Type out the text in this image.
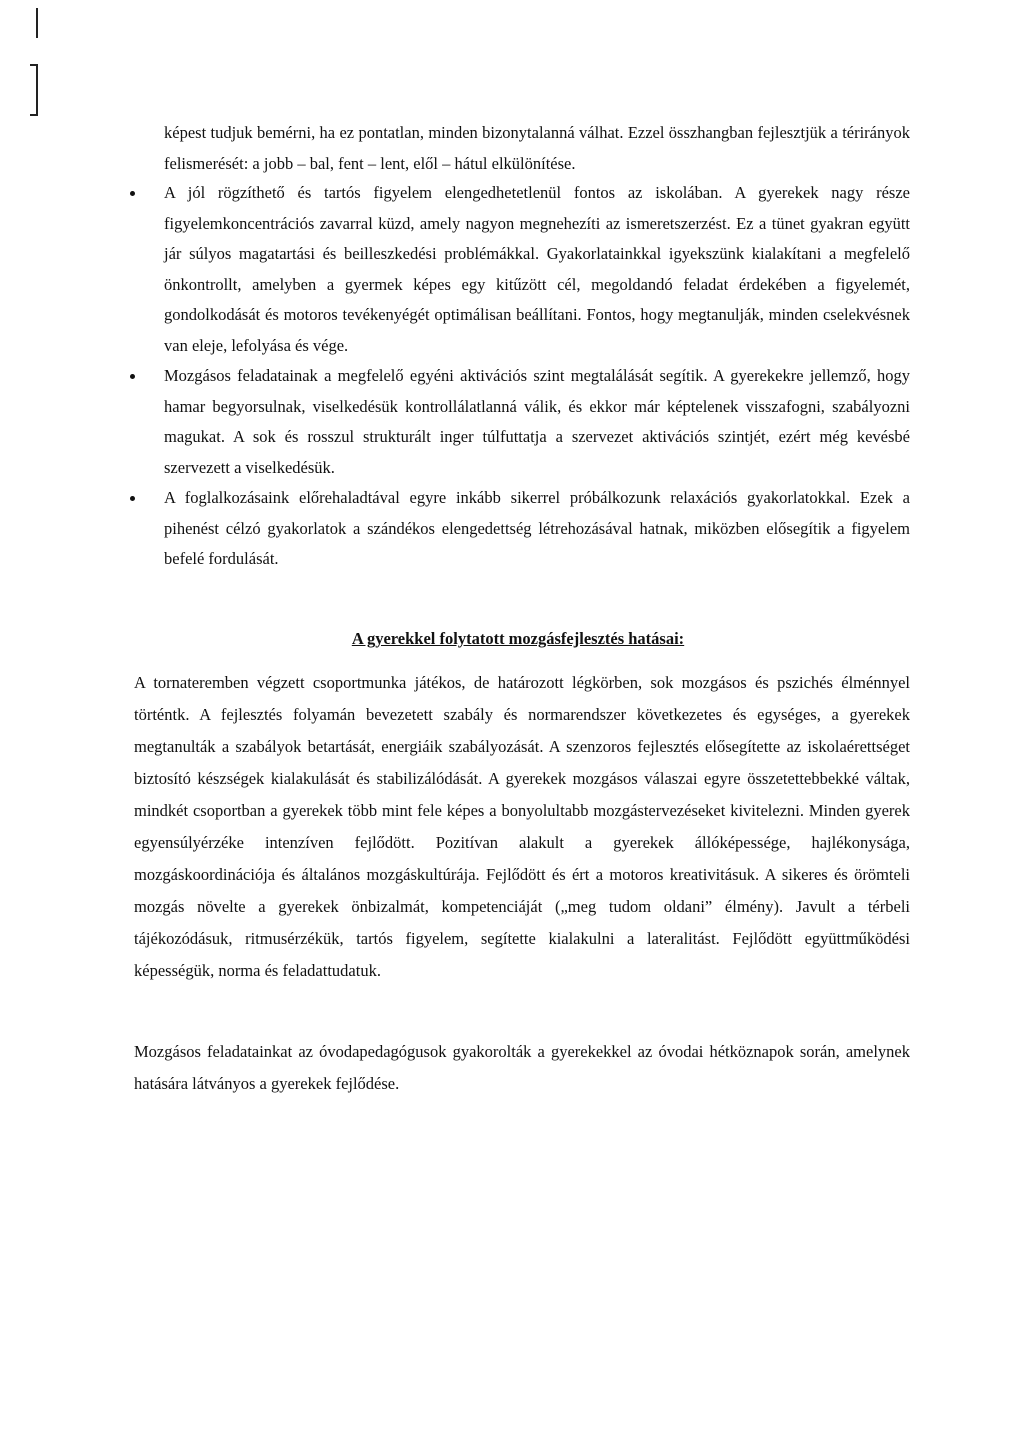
képest tudjuk bemérni, ha ez pontatlan, minden bizonytalanná válhat. Ezzel összhangban fejlesztjük a térirányok felismerését: a jobb – bal, fent – lent, elől – hátul elkülönítése.
A jól rögzíthető és tartós figyelem elengedhetetlenül fontos az iskolában. A gyerekek nagy része figyelemkoncentrációs zavarral küzd, amely nagyon megnehezíti az ismeretszerzést. Ez a tünet gyakran együtt jár súlyos magatartási és beilleszkedési problémákkal. Gyakorlatainkkal igyekszünk kialakítani a megfelelő önkontrollt, amelyben a gyermek képes egy kitűzött cél, megoldandó feladat érdekében a figyelemét, gondolkodását és motoros tevékenyégét optimálisan beállítani. Fontos, hogy megtanulják, minden cselekvésnek van eleje, lefolyása és vége.
Mozgásos feladatainak a megfelelő egyéni aktivációs szint megtalálását segítik. A gyerekekre jellemző, hogy hamar begyorsulnak, viselkedésük kontrollálatlanná válik, és ekkor már képtelenek visszafogni, szabályozni magukat. A sok és rosszul strukturált inger túlfuttatja a szervezet aktivációs szintjét, ezért még kevésbé szervezett a viselkedésük.
A foglalkozásaink előrehaladtával egyre inkább sikerrel próbálkozunk relaxációs gyakorlatokkal. Ezek a pihenést célzó gyakorlatok a szándékos elengedettség létrehozásával hatnak, miközben elősegítik a figyelem befelé fordulását.
A gyerekkel folytatott mozgásfejlesztés hatásai:
A tornateremben végzett csoportmunka játékos, de határozott légkörben, sok mozgásos és pszichés élménnyel történtk. A fejlesztés folyamán bevezetett szabály és normarendszer következetes és egységes, a gyerekek megtanulták a szabályok betartását, energiáik szabályozását. A szenzoros fejlesztés elősegítette az iskolaérettséget biztosító készségek kialakulását és stabilizálódását. A gyerekek mozgásos válaszai egyre összetettebbekké váltak, mindkét csoportban a gyerekek több mint fele képes a bonyolultabb mozgástervezéseket kivitelezni. Minden gyerek egyensúlyérzéke intenzíven fejlődött. Pozitívan alakult a gyerekek állóképessége, hajlékonysága, mozgáskoordinációja és általános mozgáskultúrája. Fejlődött és ért a motoros kreativitásuk. A sikeres és örömteli mozgás növelte a gyerekek önbizalmát, kompetenciáját („meg tudom oldani” élmény). Javult a térbeli tájékozódásuk, ritmusérzékük, tartós figyelem, segítette kialakulni a lateralitást. Fejlődött együttműködési képességük, norma és feladattudatuk.
Mozgásos feladatainkat az óvodapedagógusok gyakorolták a gyerekekkel az óvodai hétköznapok során, amelynek hatására látványos a gyerekek fejlődése.
